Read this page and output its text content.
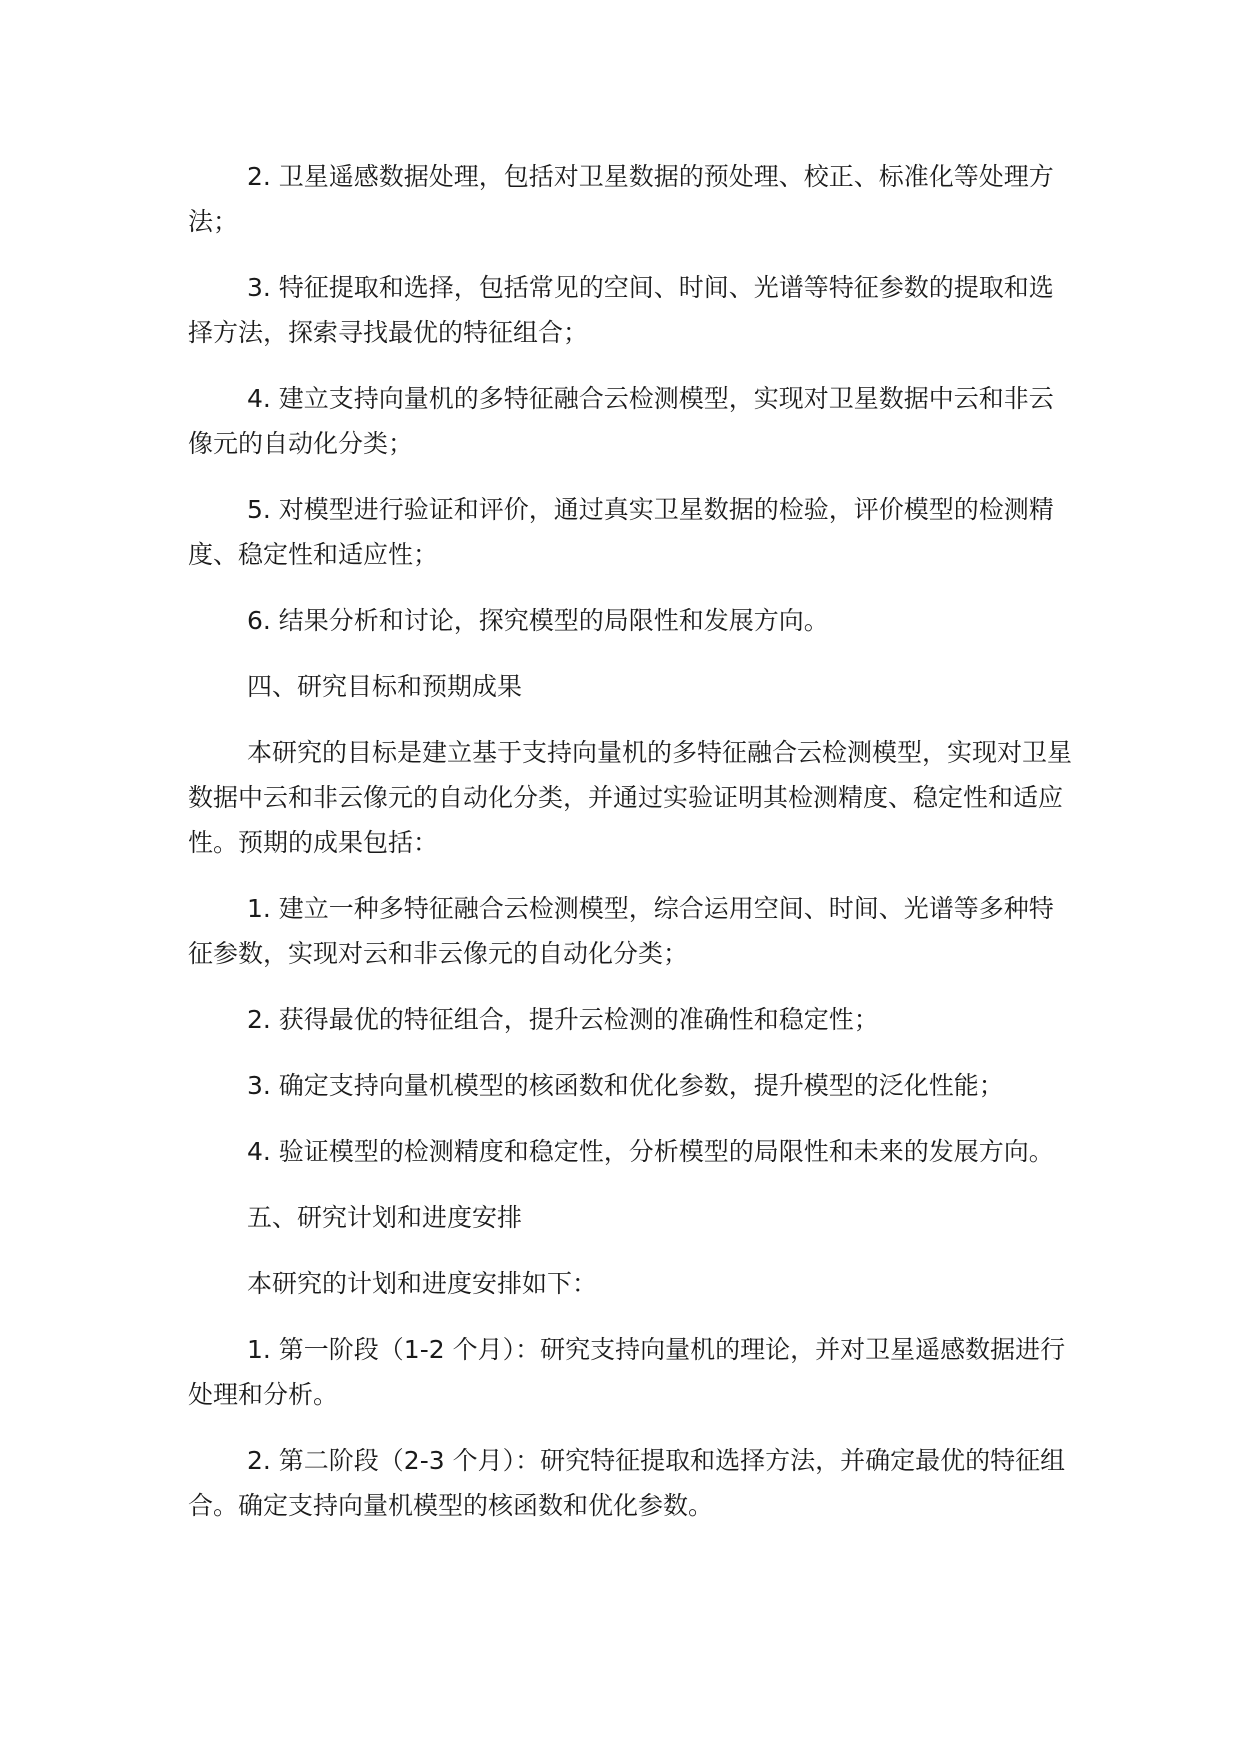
2. 卫星遥感数据处理，包括对卫星数据的预处理、校正、标准化等处理方法；

3. 特征提取和选择，包括常见的空间、时间、光谱等特征参数的提取和选择方法，探索寻找最优的特征组合；

4. 建立支持向量机的多特征融合云检测模型，实现对卫星数据中云和非云像元的自动化分类；

5. 对模型进行验证和评价，通过真实卫星数据的检验，评价模型的检测精度、稳定性和适应性；

6. 结果分析和讨论，探究模型的局限性和发展方向。

四、研究目标和预期成果

本研究的目标是建立基于支持向量机的多特征融合云检测模型，实现对卫星数据中云和非云像元的自动化分类，并通过实验证明其检测精度、稳定性和适应性。预期的成果包括：

1. 建立一种多特征融合云检测模型，综合运用空间、时间、光谱等多种特征参数，实现对云和非云像元的自动化分类；

2. 获得最优的特征组合，提升云检测的准确性和稳定性；

3. 确定支持向量机模型的核函数和优化参数，提升模型的泛化性能；

4. 验证模型的检测精度和稳定性，分析模型的局限性和未来的发展方向。

五、研究计划和进度安排

本研究的计划和进度安排如下：

1. 第一阶段（1-2 个月）：研究支持向量机的理论，并对卫星遥感数据进行处理和分析。

2. 第二阶段（2-3 个月）：研究特征提取和选择方法，并确定最优的特征组合。确定支持向量机模型的核函数和优化参数。
